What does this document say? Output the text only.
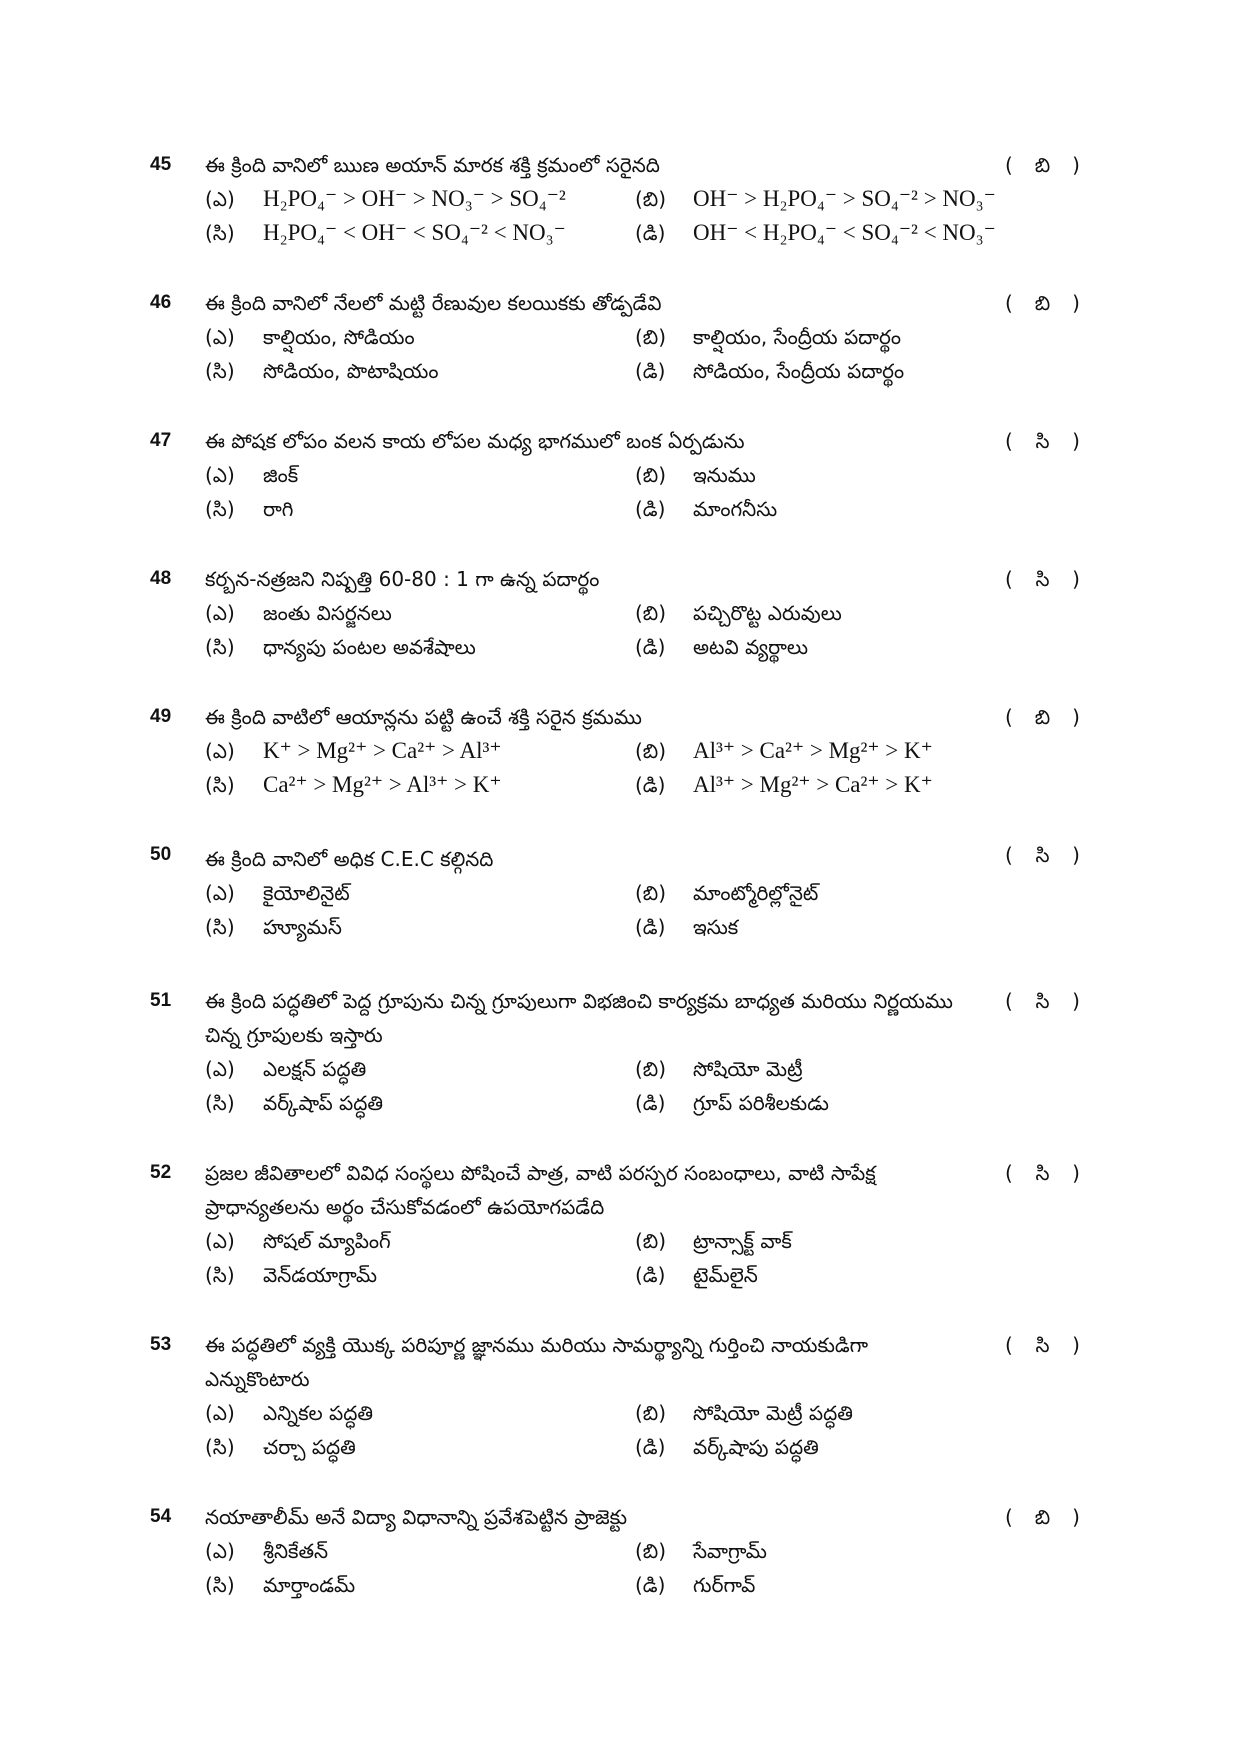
45 ఈ క్రింది వానిలో ఋణ అయాన్ మారక శక్తి క్రమంలో సరైనది	( బి )
(ఎ) H₂PO₄⁻ > OH⁻ > NO₃⁻ > SO₄⁻²	(బి) OH⁻ > H₂PO₄⁻ > SO₄⁻² > NO₃⁻
(సి) H₂PO₄⁻ < OH⁻ < SO₄⁻² < NO₃⁻	(డి) OH⁻ < H₂PO₄⁻ < SO₄⁻² < NO₃⁻
46 ఈ క్రింది వానిలో నేలలో మట్టి రేణువుల కలయికకు తోడ్పడేవి	( బి )
(ఎ) కాల్షియం, సోడియం	(బి) కాల్షియం, సేంద్రీయ పదార్థం
(సి) సోడియం, పొటాషియం	(డి) సోడియం, సేంద్రీయ పదార్థం
47 ఈ పోషక లోపం వలన కాయ లోపల మధ్య భాగములో బంక ఏర్పడును	( సి )
(ఎ) జింక్	(బి) ఇనుము
(సి) రాగి	(డి) మాంగనీసు
48 కర్బన-నత్రజని నిష్పత్తి 60-80 : 1 గా ఉన్న పదార్థం	( సి )
(ఎ) జంతు విసర్జనలు	(బి) పచ్చిరొట్ట ఎరువులు
(సి) ధాన్యపు పంటల అవశేషాలు	(డి) అటవి వ్యర్థాలు
49 ఈ క్రింది వాటిలో ఆయాన్లను పట్టి ఉంచే శక్తి సరైన క్రమము	( బి )
(ఎ) K⁺ > Mg²⁺ > Ca²⁺ > Al³⁺	(బి) Al³⁺ > Ca²⁺ > Mg²⁺ > K⁺
(సి) Ca²⁺ > Mg²⁺ > Al³⁺ > K⁺	(డి) Al³⁺ > Mg²⁺ > Ca²⁺ > K⁺
50 ఈ క్రింది వానిలో అధిక C.E.C కల్గినది	( సి )
(ఎ) కైయోలినైట్	(బి) మాంట్మోరిల్లోనైట్
(సి) హ్యూమస్	(డి) ఇసుక
51 ఈ క్రింది పద్ధతిలో పెద్ద గ్రూపును చిన్న గ్రూపులుగా విభజించి కార్యక్రమ బాధ్యత మరియు నిర్ణయము చిన్న గ్రూపులకు ఇస్తారు
( సి )
(ఎ) ఎలక్షన్ పద్ధతి	(బి) సోషియో మెట్రీ
(సి) వర్క్‌షాప్ పద్ధతి	(డి) గ్రూప్ పరిశీలకుడు
52 ప్రజల జీవితాలలో వివిధ సంస్థలు పోషించే పాత్ర, వాటి పరస్పర సంబంధాలు, వాటి సాపేక్ష ప్రాధాన్యతలను అర్థం చేసుకోవడంలో ఉపయోగపడేది
( సి )
(ఎ) సోషల్ మ్యాపింగ్	(బి) ట్రాన్సాక్ట్ వాక్
(సి) వెన్‌డయాగ్రామ్	(డి) టైమ్‌లైన్
53 ఈ పద్ధతిలో వ్యక్తి యొక్క పరిపూర్ణ జ్ఞానము మరియు సామర్థ్యాన్ని గుర్తించి నాయకుడిగా ఎన్నుకొంటారు
( సి )
(ఎ) ఎన్నికల పద్ధతి	(బి) సోషియో మెట్రీ పద్ధతి
(సి) చర్చా పద్ధతి	(డి) వర్క్‌షాపు పద్ధతి
54 నయాతాలీమ్ అనే విద్యా విధానాన్ని ప్రవేశపెట్టిన ప్రాజెక్టు	( బి )
(ఎ) శ్రీనికేతన్	(బి) సేవాగ్రామ్
(సి) మార్తాండమ్	(డి) గుర్‌గావ్
